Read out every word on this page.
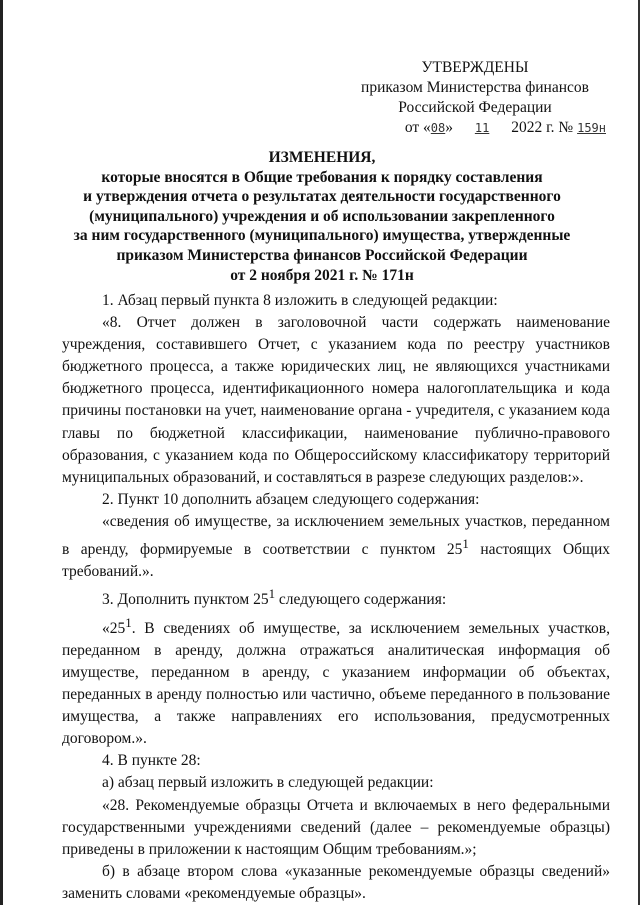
УТВЕРЖДЕНЫ
приказом Министерства финансов
Российской Федерации
от «08» 11 2022 г. № 159н
ИЗМЕНЕНИЯ,
которые вносятся в Общие требования к порядку составления
и утверждения отчета о результатах деятельности государственного
(муниципального) учреждения и об использовании закрепленного
за ним государственного (муниципального) имущества, утвержденные
приказом Министерства финансов Российской Федерации
от 2 ноября 2021 г. № 171н

1. Абзац первый пункта 8 изложить в следующей редакции:

«8. Отчет должен в заголовочной части содержать наименование учреждения, составившего Отчет, с указанием кода по реестру участников бюджетного процесса, а также юридических лиц, не являющихся участниками бюджетного процесса, идентификационного номера налогоплательщика и кода причины постановки на учет, наименование органа - учредителя, с указанием кода главы по бюджетной классификации, наименование публично-правового образования, с указанием кода по Общероссийскому классификатору территорий муниципальных образований, и составляться в разрезе следующих разделов:».

2. Пункт 10 дополнить абзацем следующего содержания:

«сведения об имуществе, за исключением земельных участков, переданном в аренду, формируемые в соответствии с пунктом $25^1$ настоящих Общих требований.».

3. Дополнить пунктом $25^1$ следующего содержания:

«$25^1$. В сведениях об имуществе, за исключением земельных участков, переданном в аренду, должна отражаться аналитическая информация об имуществе, переданном в аренду, с указанием информации об объектах, переданных в аренду полностью или частично, объеме переданного в пользование имущества, а также направлениях его использования, предусмотренных договором.».

4. В пункте 28:

а) абзац первый изложить в следующей редакции:

«28. Рекомендуемые образцы Отчета и включаемых в него федеральными государственными учреждениями сведений (далее – рекомендуемые образцы) приведены в приложении к настоящим Общим требованиям.»;

б) в абзаце втором слова «указанные рекомендуемые образцы сведений» заменить словами «рекомендуемые образцы».
